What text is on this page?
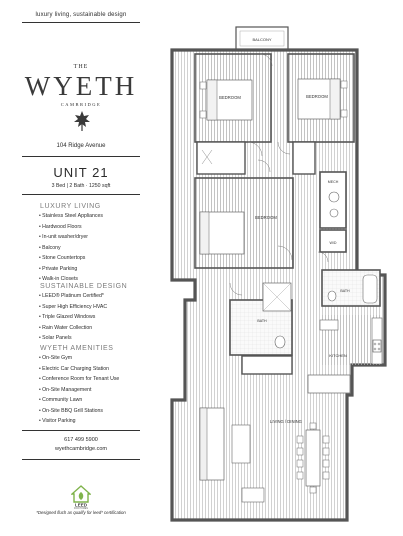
luxury living, sustainable design
THE
WYETH
CAMBRIDGE
104 Ridge Avenue
UNIT 21
3 Bed | 2 Bath · 1250 sqft
LUXURY LIVING
• Stainless Steel Appliances
• Hardwood Floors
• In-unit washer/dryer
• Balcony
• Stone Countertops
• Private Parking
• Walk-in Closets
SUSTAINABLE DESIGN
• LEED® Platinum Certified*
• Super High Efficiency HVAC
• Triple Glazed Windows
• Rain Water Collection
• Solar Panels
WYETH AMENITIES
• On-Site Gym
• Electric Car Charging Station
• Conference Room for Tenant Use
• On-Site Management
• Community Lawn
• On-Site BBQ Grill Stations
• Visitor Parking
617 499 5900
wyethcambridge.com
LEED
FOR HOMES
*Designed fluch as qualify for leed* certification
BALCONY
BEDROOM	BEDROOM
BEDROOM
MECH
W/D
BATH
BATH
KITCHEN
LIVING / DINING
